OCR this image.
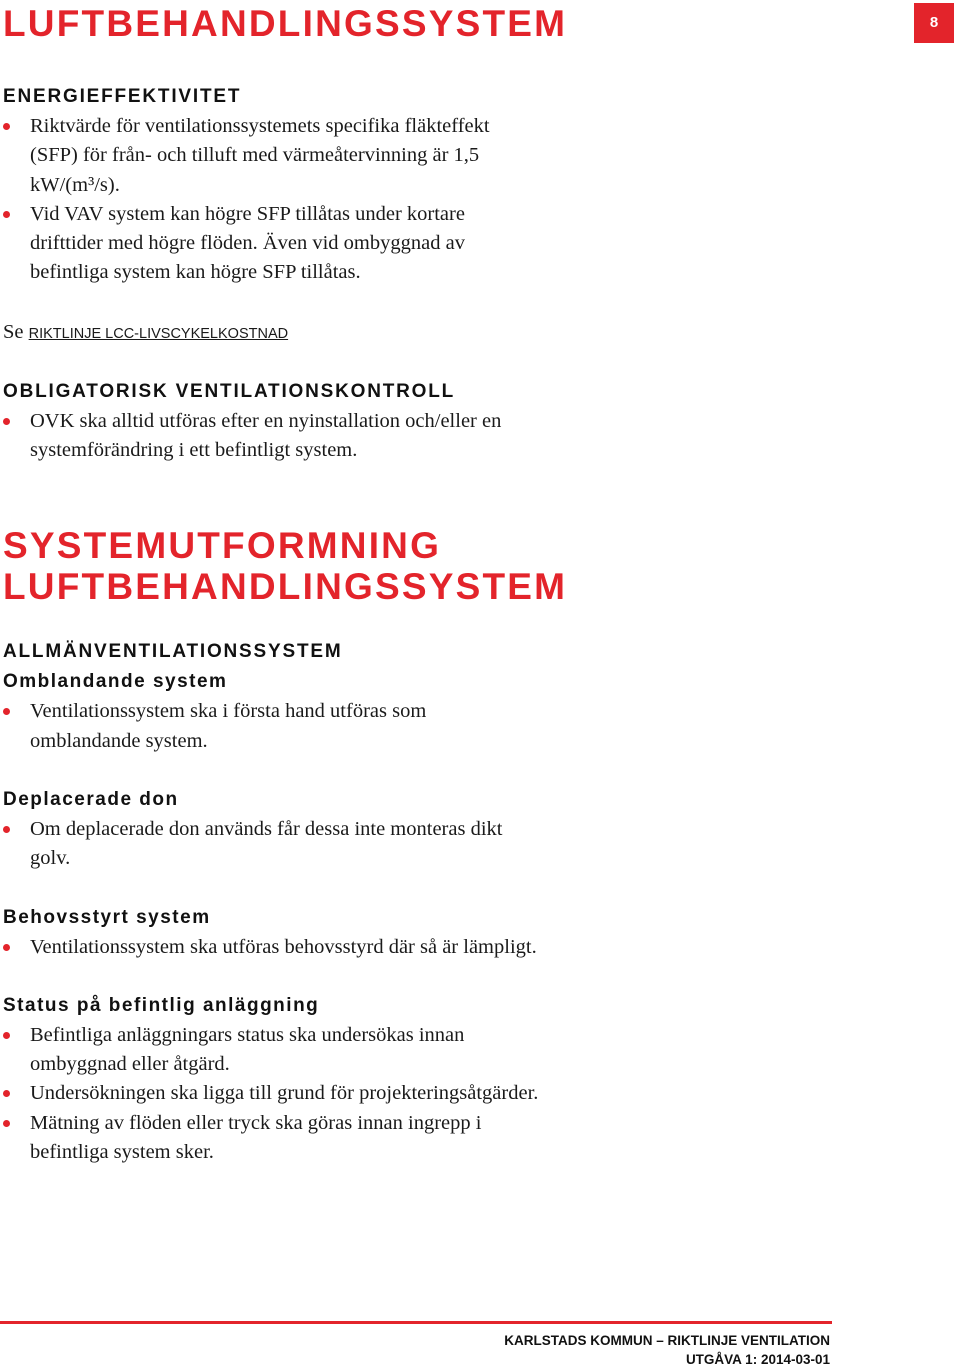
LUFTBEHANDLINGSSYSTEM	8
ENERGIEFFEKTIVITET
Riktvärde för ventilationssystemets specifika fläkteffekt (SFP) för från- och tilluft med värmeåtervinning är 1,5 kW/(m³/s).
Vid VAV system kan högre SFP tillåtas under kortare drifttider med högre flöden. Även vid ombyggnad av befintliga system kan högre SFP tillåtas.

Se RIKTLINJE LCC-LIVSCYKELKOSTNAD

OBLIGATORISK VENTILATIONSKONTROLL
OVK ska alltid utföras efter en nyinstallation och/eller en systemförändring i ett befintligt system.
SYSTEMUTFORMNING
LUFTBEHANDLINGSSYSTEM
ALLMÄNVENTILATIONSSYSTEM
Omblandande system
Ventilationssystem ska i första hand utföras som omblandande system.
Deplacerade don
Om deplacerade don används får dessa inte monteras dikt golv.
Behovsstyrt system
Ventilationssystem ska utföras behovsstyrd där så är lämpligt.
Status på befintlig anläggning
Befintliga anläggningars status ska undersökas innan ombyggnad eller åtgärd.
Undersökningen ska ligga till grund för projekteringsåtgärder.
Mätning av flöden eller tryck ska göras innan ingrepp i befintliga system sker.
KARLSTADS KOMMUN – RIKTLINJE VENTILATION
UTGÅVA 1: 2014-03-01
